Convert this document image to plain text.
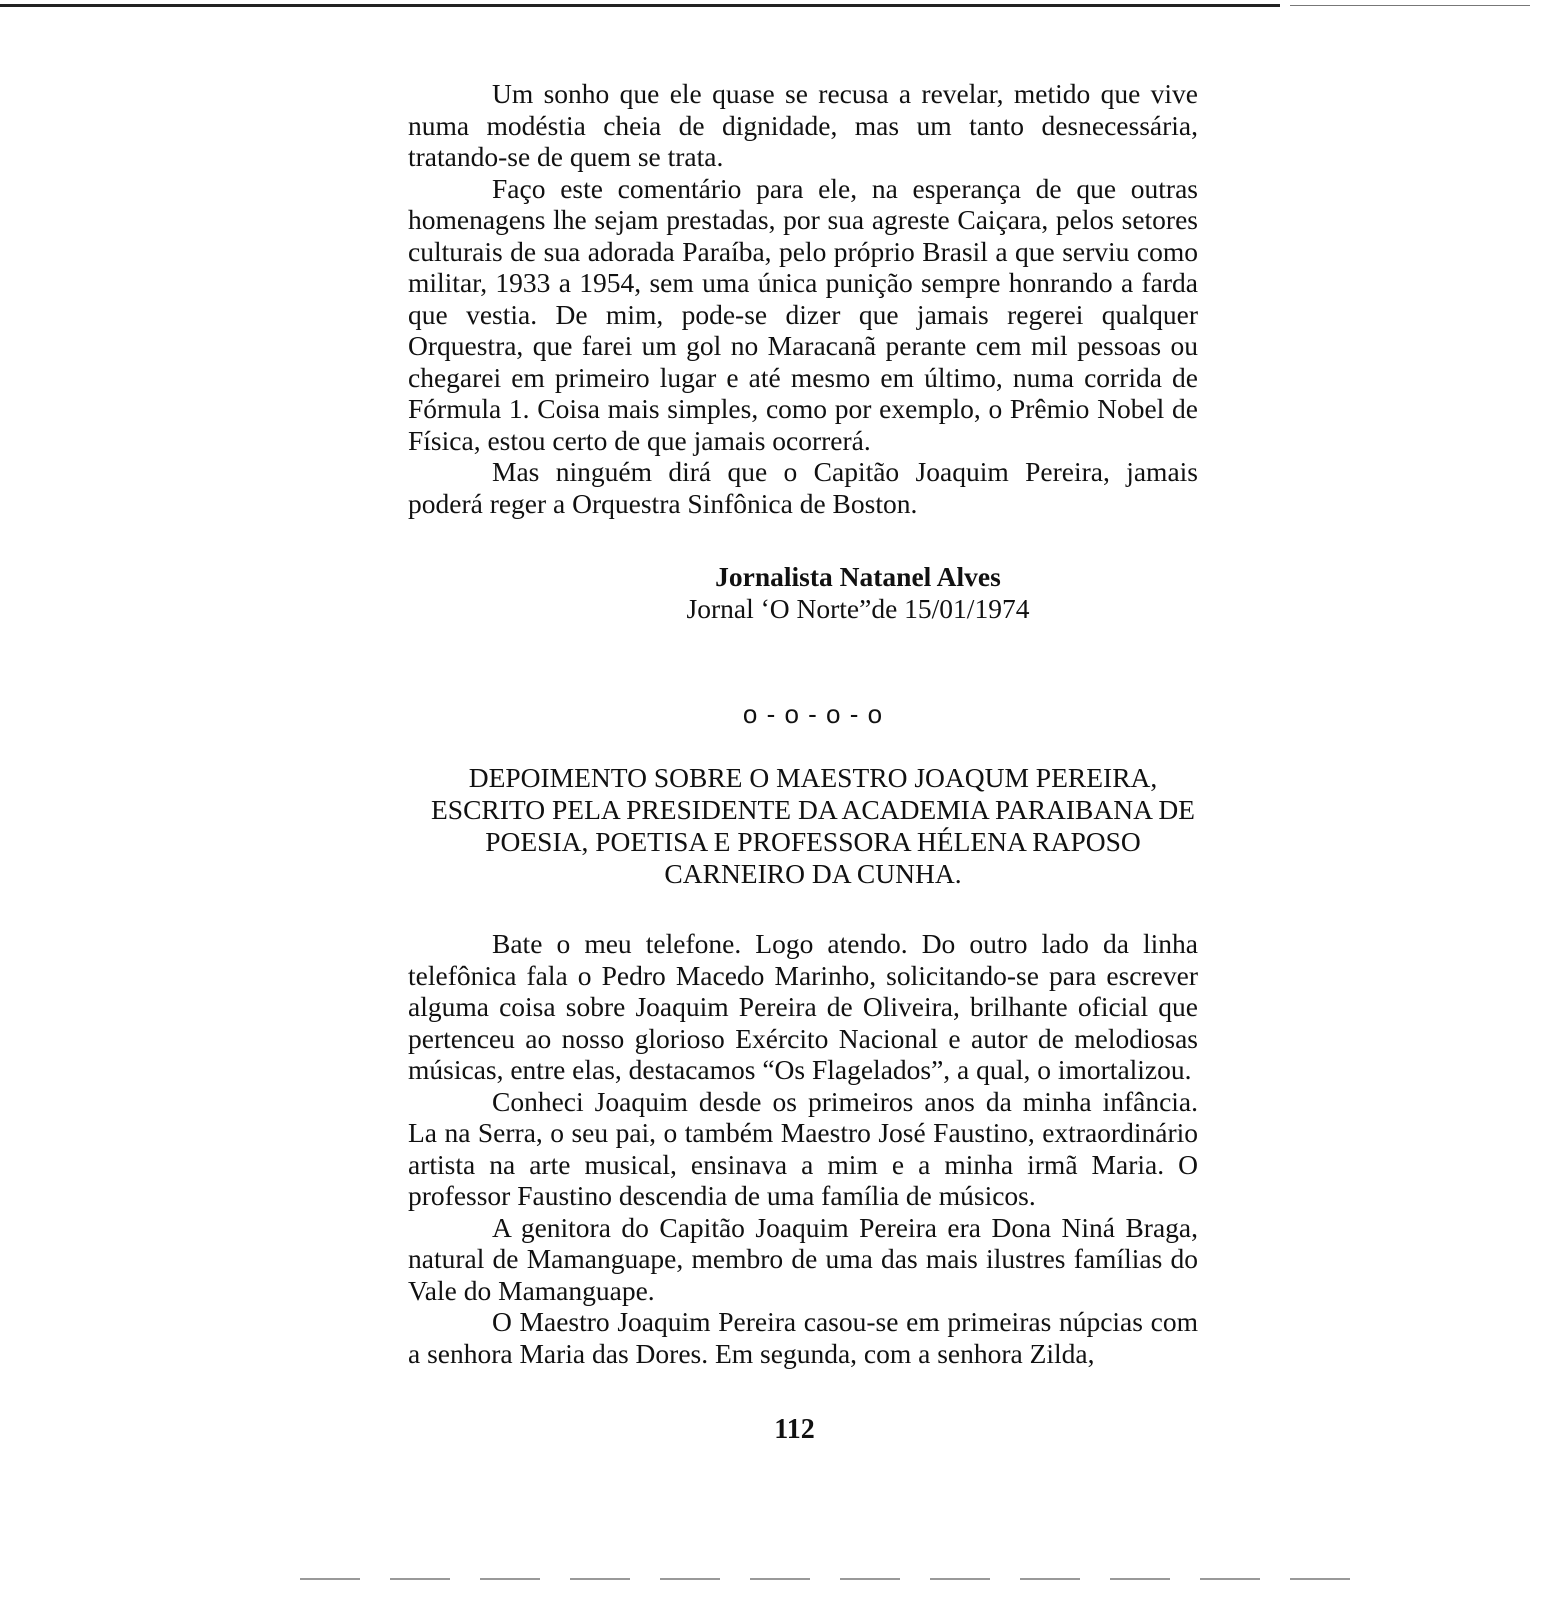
Um sonho que ele quase se recusa a revelar, metido que vive numa modéstia cheia de dignidade, mas um tanto desnecessária, tratando-se de quem se trata.

Faço este comentário para ele, na esperança de que outras homenagens lhe sejam prestadas, por sua agreste Caiçara, pelos setores culturais de sua adorada Paraíba, pelo próprio Brasil a que serviu como militar, 1933 a 1954, sem uma única punição sempre honrando a farda que vestia. De mim, pode-se dizer que jamais regerei qualquer Orquestra, que farei um gol no Maracanã perante cem mil pessoas ou chegarei em primeiro lugar e até mesmo em último, numa corrida de Fórmula 1. Coisa mais simples, como por exemplo, o Prêmio Nobel de Física, estou certo de que jamais ocorrerá.

Mas ninguém dirá que o Capitão Joaquim Pereira, jamais poderá reger a Orquestra Sinfônica de Boston.

Jornalista Natanel Alves
Jornal ‘O Norte”de 15/01/1974
o - o - o - o
DEPOIMENTO SOBRE O MAESTRO JOAQUM PEREIRA,
ESCRITO PELA PRESIDENTE DA ACADEMIA PARAIBANA DE
POESIA, POETISA E PROFESSORA HÉLENA RAPOSO
CARNEIRO DA CUNHA.

Bate o meu telefone. Logo atendo. Do outro lado da linha telefônica fala o Pedro Macedo Marinho, solicitando-se para escrever alguma coisa sobre Joaquim Pereira de Oliveira, brilhante oficial que pertenceu ao nosso glorioso Exército Nacional e autor de melodiosas músicas, entre elas, destacamos “Os Flagelados”, a qual, o imortalizou.

Conheci Joaquim desde os primeiros anos da minha infância. La na Serra, o seu pai, o também Maestro José Faustino, extraordinário artista na arte musical, ensinava a mim e a minha irmã Maria. O professor Faustino descendia de uma família de músicos.

A genitora do Capitão Joaquim Pereira era Dona Niná Braga, natural de Mamanguape, membro de uma das mais ilustres famílias do Vale do Mamanguape.

O Maestro Joaquim Pereira casou-se em primeiras núpcias com a senhora Maria das Dores. Em segunda, com a senhora Zilda,

112
